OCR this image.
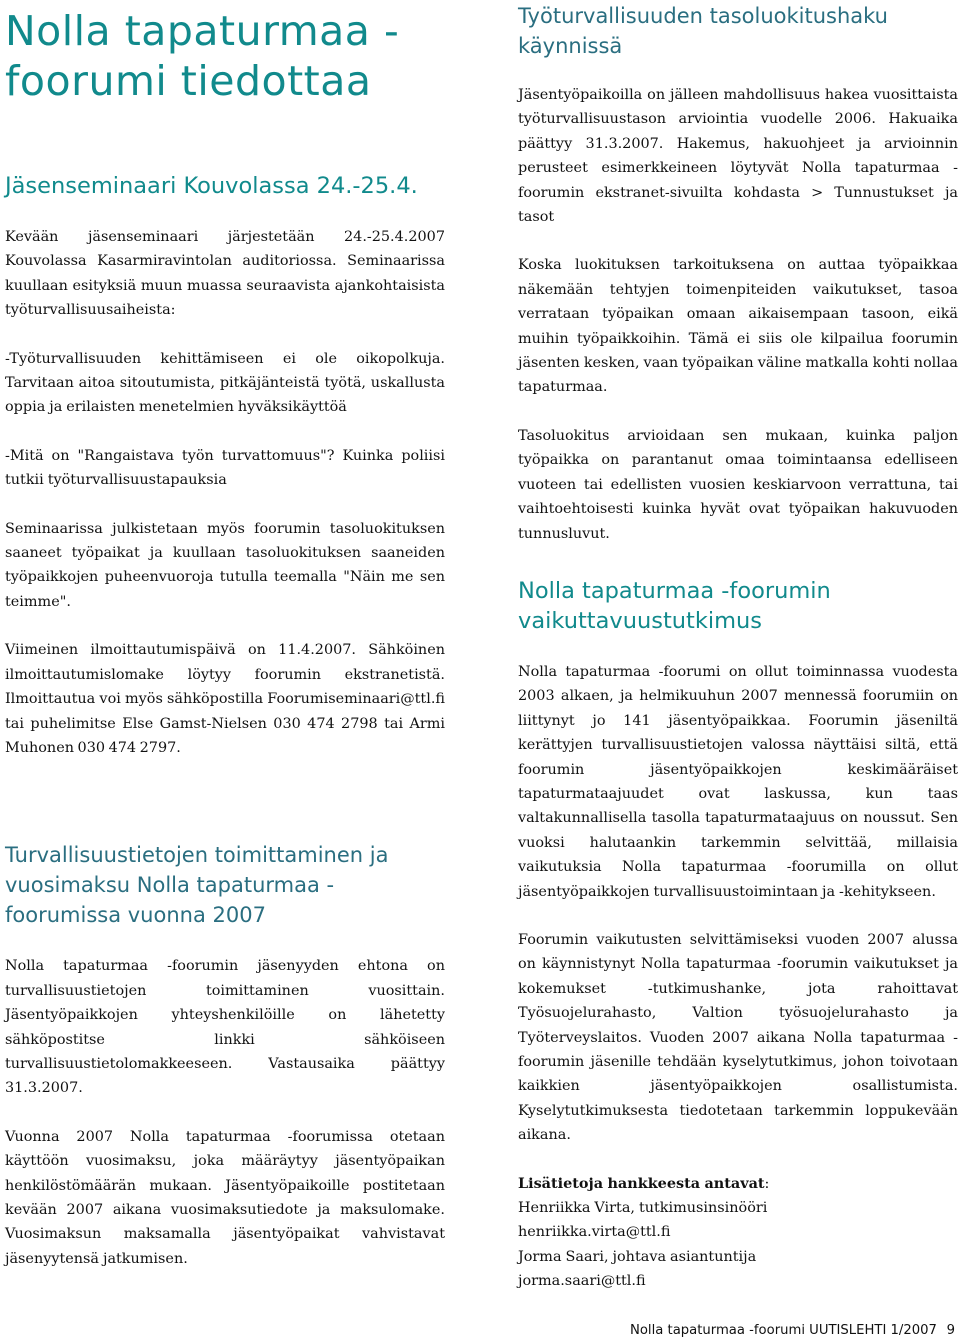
Nolla tapaturmaa -
foorumi tiedottaa
Jäsenseminaari Kouvolassa 24.-25.4.

Kevään jäsenseminaari järjestetään 24.-25.4.2007 Kouvolassa Kasarmiravintolan auditoriossa. Seminaarissa kuullaan esityksiä muun muassa seuraavista ajankohtaisista työturvallisuusaiheista:

-Työturvallisuuden kehittämiseen ei ole oikopolkuja. Tarvitaan aitoa sitoutumista, pitkäjänteistä työtä, uskallusta oppia ja erilaisten menetelmien hyväksikäyttöä

-Mitä on "Rangaistava työn turvattomuus"? Kuinka poliisi tutkii työturvallisuustapauksia

Seminaarissa julkistetaan myös foorumin tasoluokituksen saaneet työpaikat ja kuullaan tasoluokituksen saaneiden työpaikkojen puheenvuoroja tutulla teemalla "Näin me sen teimme".

Viimeinen ilmoittautumispäivä on 11.4.2007. Sähköinen ilmoittautumislomake löytyy foorumin ekstranetistä. Ilmoittautua voi myös sähköpostilla Foorumiseminaari@ttl.fi tai puhelimitse Else Gamst-Nielsen 030 474 2798 tai Armi Muhonen 030 474 2797.

Turvallisuustietojen toimittaminen ja
vuosimaksu Nolla tapaturmaa -
foorumissa vuonna 2007

Nolla tapaturmaa -foorumin jäsenyyden ehtona on turvallisuustietojen toimittaminen vuosittain. Jäsentyöpaikkojen yhteyshenkilöille on lähetetty sähköpostitse linkki sähköiseen turvallisuustietolomakkeeseen. Vastausaika päättyy 31.3.2007.

Vuonna 2007 Nolla tapaturmaa -foorumissa otetaan käyttöön vuosimaksu, joka määräytyy jäsentyöpaikan henkilöstömäärän mukaan. Jäsentyöpaikoille postitetaan kevään 2007 aikana vuosimaksutiedote ja maksulomake. Vuosimaksun maksamalla jäsentyöpaikat vahvistavat jäsenyytensä jatkumisen.

Työturvallisuuden tasoluokitushaku
käynnissä

Jäsentyöpaikoilla on jälleen mahdollisuus hakea vuosittaista työturvallisuustason arviointia vuodelle 2006. Hakuaika päättyy 31.3.2007. Hakemus, hakuohjeet ja arvioinnin perusteet esimerkkeineen löytyvät Nolla tapaturmaa -foorumin ekstranet-sivuilta kohdasta > Tunnustukset ja tasot

Koska luokituksen tarkoituksena on auttaa työpaikkaa näkemään tehtyjen toimenpiteiden vaikutukset, tasoa verrataan työpaikan omaan aikaisempaan tasoon, eikä muihin työpaikkoihin. Tämä ei siis ole kilpailua foorumin jäsenten kesken, vaan työpaikan väline matkalla kohti nollaa tapaturmaa.

Tasoluokitus arvioidaan sen mukaan, kuinka paljon työpaikka on parantanut omaa toimintaansa edelliseen vuoteen tai edellisten vuosien keskiarvoon verrattuna, tai vaihtoehtoisesti kuinka hyvät ovat työpaikan hakuvuoden tunnusluvut.

Nolla tapaturmaa -foorumin
vaikuttavuustutkimus

Nolla tapaturmaa -foorumi on ollut toiminnassa vuodesta 2003 alkaen, ja helmikuuhun 2007 mennessä foorumiin on liittynyt jo 141 jäsentyöpaikkaa. Foorumin jäseniltä kerättyjen turvallisuustietojen valossa näyttäisi siltä, että foorumin jäsentyöpaikkojen keskimääräiset tapaturmataajuudet ovat laskussa, kun taas valtakunnallisella tasolla tapaturmataajuus on noussut. Sen vuoksi halutaankin tarkemmin selvittää, millaisia vaikutuksia Nolla tapaturmaa -foorumilla on ollut jäsentyöpaikkojen turvallisuustoimintaan ja -kehitykseen.

Foorumin vaikutusten selvittämiseksi vuoden 2007 alussa on käynnistynyt Nolla tapaturmaa -foorumin vaikutukset ja kokemukset -tutkimushanke, jota rahoittavat Työsuojelurahasto, Valtion työsuojelurahasto ja Työterveyslaitos. Vuoden 2007 aikana Nolla tapaturmaa -foorumin jäsenille tehdään kyselytutkimus, johon toivotaan kaikkien jäsentyöpaikkojen osallistumista. Kyselytutkimuksesta tiedotetaan tarkemmin loppukevään aikana.

Lisätietoja hankkeesta antavat:

Henriikka Virta, tutkimusinsinööri

henriikka.virta@ttl.fi

Jorma Saari, johtava asiantuntija

jorma.saari@ttl.fi

Nolla tapaturmaa -foorumi UUTISLEHTI 1/2007 9
